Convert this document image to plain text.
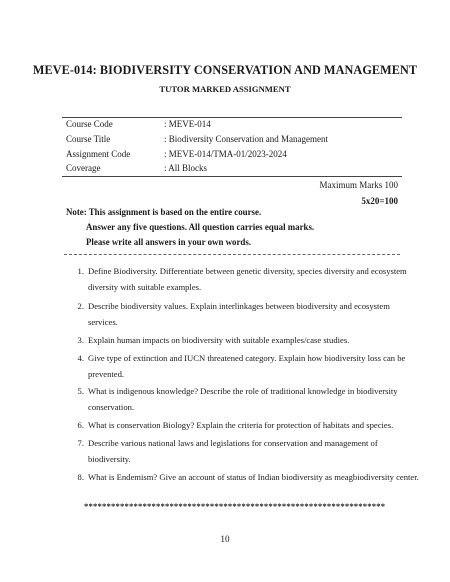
MEVE-014: BIODIVERSITY CONSERVATION AND MANAGEMENT
TUTOR MARKED ASSIGNMENT
Course Code	: MEVE-014
Course Title	: Biodiversity Conservation and Management
Assignment Code	: MEVE-014/TMA-01/2023-2024
Coverage	: All Blocks
Maximum Marks 100
5x20=100
Note: This assignment is based on the entire course.
Answer any five questions. All question carries equal marks.
Please write all answers in your own words.
1. Define Biodiversity. Differentiate between genetic diversity, species diversity and ecosystem diversity with suitable examples.
2. Describe biodiversity values. Explain interlinkages between biodiversity and ecosystem services.
3. Explain human impacts on biodiversity with suitable examples/case studies.
4. Give type of extinction and IUCN threatened category. Explain how biodiversity loss can be prevented.
5. What is indigenous knowledge? Describe the role of traditional knowledge in biodiversity conservation.
6. What is conservation Biology? Explain the criteria for protection of habitats and species.
7. Describe various national laws and legislations for conservation and management of biodiversity.
8. What is Endemism? Give an account of status of Indian biodiversity as meagbiodiversity center.
*******************************************************************
10
